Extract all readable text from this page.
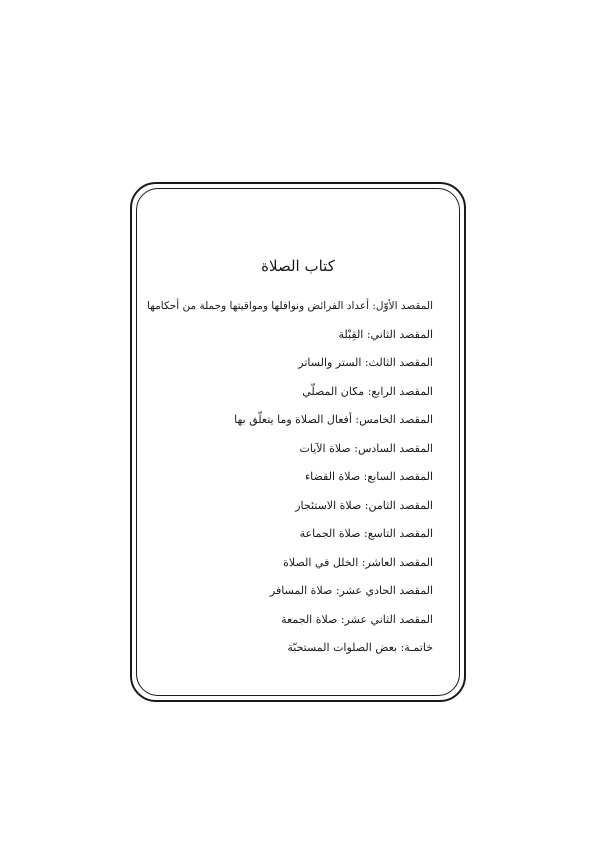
كتاب الصلاة
المقصد الأوّل: أعداد الفرائض ونوافلها ومواقيتها وجملة من أحكامها
المقصد الثاني: القِبْلة
المقصد الثالث: الستر والساتر
المقصد الرابع: مكان المصلّي
المقصد الخامس: أفعال الصلاة وما يتعلّق بها
المقصد السادس: صلاة الآيات
المقصد السابع: صلاة القضاء
المقصد الثامن: صلاة الاستئجار
المقصد التاسع: صلاة الجماعة
المقصد العاشر: الخلل في الصلاة
المقصد الحادي عشر: صلاة المسافر
المقصد الثاني عشر: صلاة الجمعة
خاتمـة: بعض الصلوات المستحبّة
